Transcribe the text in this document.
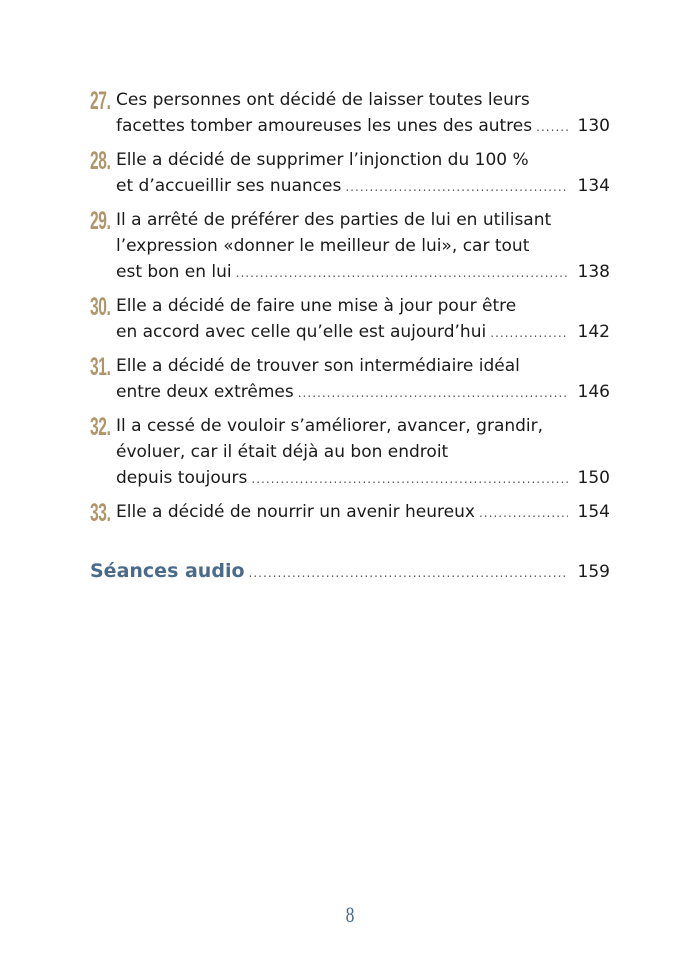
27. Ces personnes ont décidé de laisser toutes leurs
facettes tomber amoureuses les unes des autres . . .	130
28. Elle a décidé de supprimer l’injonction du 100 %
et d’accueillir ses nuances . . .	134
29. Il a arrêté de préférer des parties de lui en utilisant
l’expression «donner le meilleur de lui», car tout
est bon en lui . . .	138
30. Elle a décidé de faire une mise à jour pour être
en accord avec celle qu’elle est aujourd’hui . . .	142
31. Elle a décidé de trouver son intermédiaire idéal
entre deux extrêmes . . .	146
32. Il a cessé de vouloir s’améliorer, avancer, grandir,
évoluer, car il était déjà au bon endroit
depuis toujours . . .	150
33. Elle a décidé de nourrir un avenir heureux . . .	154
Séances audio . . .	159
8
